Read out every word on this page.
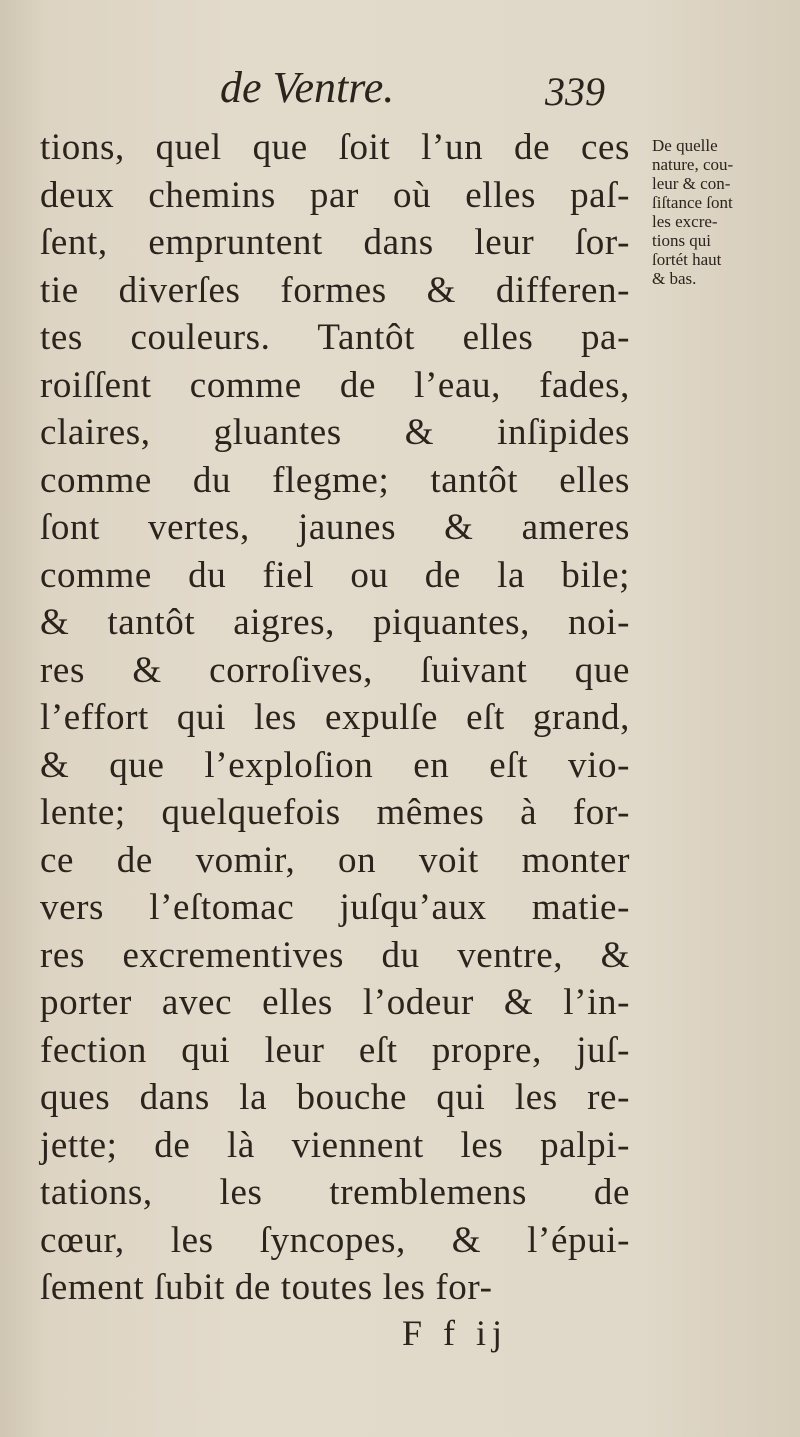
de Ventre.	339
tions, quel que ſoit l’un de ces
deux chemins par où elles paſ-
ſent, empruntent dans leur ſor-
tie diverſes formes & differen-
tes couleurs. Tantôt elles pa-
roiſſent comme de l’eau, fades,
claires, gluantes & inſipides
comme du flegme; tantôt elles
ſont vertes, jaunes & ameres
comme du fiel ou de la bile;
& tantôt aigres, piquantes, noi-
res & corroſives, ſuivant que
l’effort qui les expulſe eſt grand,
& que l’exploſion en eſt vio-
lente; quelquefois mêmes à for-
ce de vomir, on voit monter
vers l’eſtomac juſqu’aux matie-
res excrementives du ventre, &
porter avec elles l’odeur & l’in-
fection qui leur eſt propre, juſ-
ques dans la bouche qui les re-
jette; de là viennent les palpi-
tations, les tremblemens de
cœur, les ſyncopes, & l’épui-
ſement ſubit de toutes les for-
De quelle
nature, cou-
leur & con-
ſiſtance ſont
les excre-
tions qui
ſortét haut
& bas.
F f ij
